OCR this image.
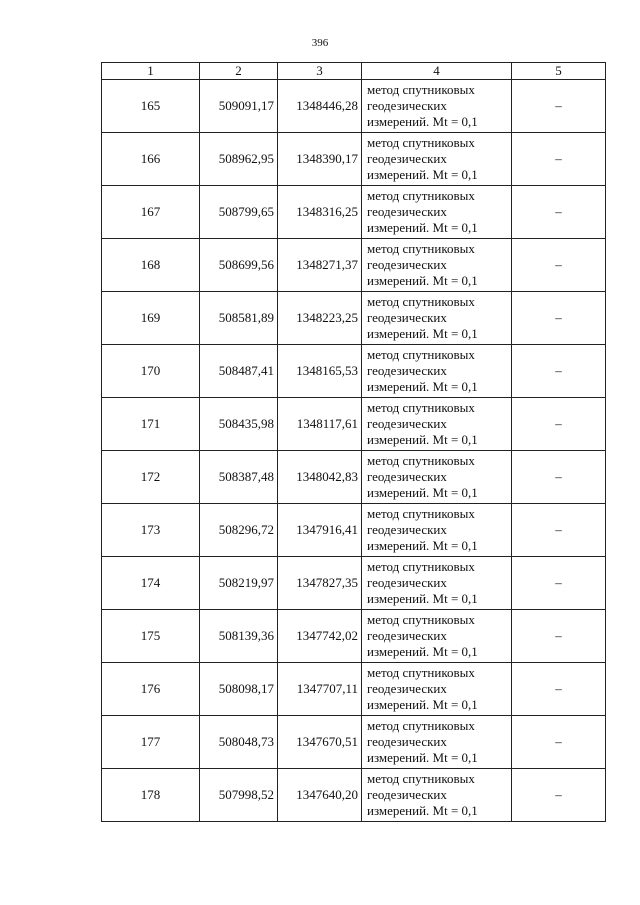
396
1	2	3	4	5
165	509091,17	1348446,28	метод спутниковых
геодезических
измерений. Mt = 0,1	–
166	508962,95	1348390,17	метод спутниковых
геодезических
измерений. Mt = 0,1	–
167	508799,65	1348316,25	метод спутниковых
геодезических
измерений. Mt = 0,1	–
168	508699,56	1348271,37	метод спутниковых
геодезических
измерений. Mt = 0,1	–
169	508581,89	1348223,25	метод спутниковых
геодезических
измерений. Mt = 0,1	–
170	508487,41	1348165,53	метод спутниковых
геодезических
измерений. Mt = 0,1	–
171	508435,98	1348117,61	метод спутниковых
геодезических
измерений. Mt = 0,1	–
172	508387,48	1348042,83	метод спутниковых
геодезических
измерений. Mt = 0,1	–
173	508296,72	1347916,41	метод спутниковых
геодезических
измерений. Mt = 0,1	–
174	508219,97	1347827,35	метод спутниковых
геодезических
измерений. Mt = 0,1	–
175	508139,36	1347742,02	метод спутниковых
геодезических
измерений. Mt = 0,1	–
176	508098,17	1347707,11	метод спутниковых
геодезических
измерений. Mt = 0,1	–
177	508048,73	1347670,51	метод спутниковых
геодезических
измерений. Mt = 0,1	–
178	507998,52	1347640,20	метод спутниковых
геодезических
измерений. Mt = 0,1	–
